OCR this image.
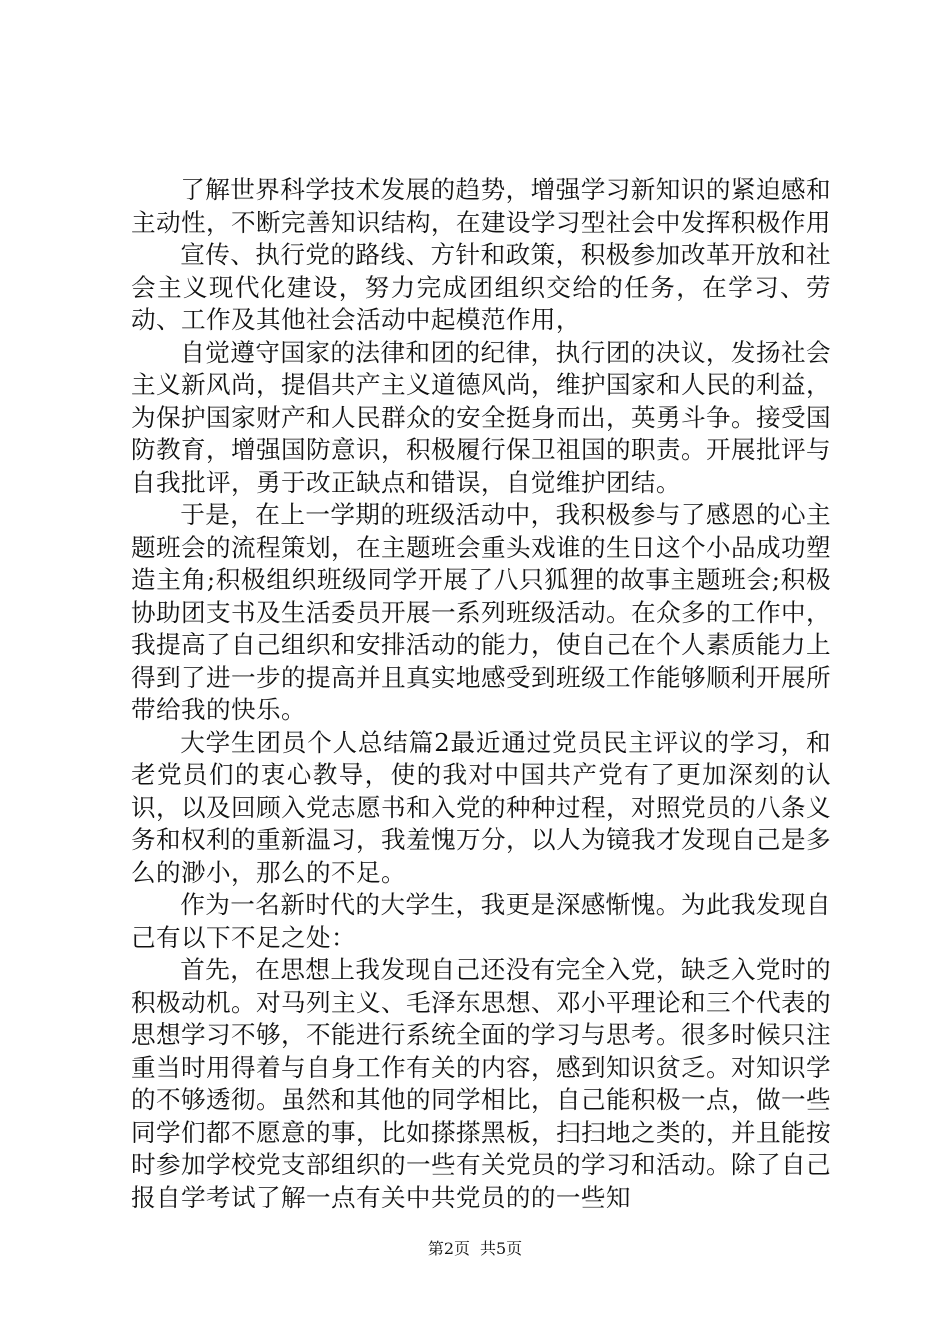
了解世界科学技术发展的趋势，增强学习新知识的紧迫感和主动性，不断完善知识结构，在建设学习型社会中发挥积极作用

宣传、执行党的路线、方针和政策，积极参加改革开放和社会主义现代化建设，努力完成团组织交给的任务，在学习、劳动、工作及其他社会活动中起模范作用，

自觉遵守国家的法律和团的纪律，执行团的决议，发扬社会主义新风尚，提倡共产主义道德风尚，维护国家和人民的利益，为保护国家财产和人民群众的安全挺身而出，英勇斗争。接受国防教育，增强国防意识，积极履行保卫祖国的职责。开展批评与自我批评，勇于改正缺点和错误，自觉维护团结。

于是，在上一学期的班级活动中，我积极参与了感恩的心主题班会的流程策划，在主题班会重头戏谁的生日这个小品成功塑造主角;积极组织班级同学开展了八只狐狸的故事主题班会;积极协助团支书及生活委员开展一系列班级活动。在众多的工作中，我提高了自己组织和安排活动的能力，使自己在个人素质能力上得到了进一步的提高并且真实地感受到班级工作能够顺利开展所带给我的快乐。

大学生团员个人总结篇2最近通过党员民主评议的学习，和老党员们的衷心教导，使的我对中国共产党有了更加深刻的认识，以及回顾入党志愿书和入党的种种过程，对照党员的八条义务和权利的重新温习，我羞愧万分，以人为镜我才发现自己是多么的渺小，那么的不足。

作为一名新时代的大学生，我更是深感惭愧。为此我发现自己有以下不足之处：

首先，在思想上我发现自己还没有完全入党，缺乏入党时的积极动机。对马列主义、毛泽东思想、邓小平理论和三个代表的思想学习不够，不能进行系统全面的学习与思考。很多时候只注重当时用得着与自身工作有关的内容，感到知识贫乏。对知识学的不够透彻。虽然和其他的同学相比，自己能积极一点，做一些同学们都不愿意的事，比如搽搽黑板，扫扫地之类的，并且能按时参加学校党支部组织的一些有关党员的学习和活动。除了自己报自学考试了解一点有关中共党员的的一些知

第2页 共5页
